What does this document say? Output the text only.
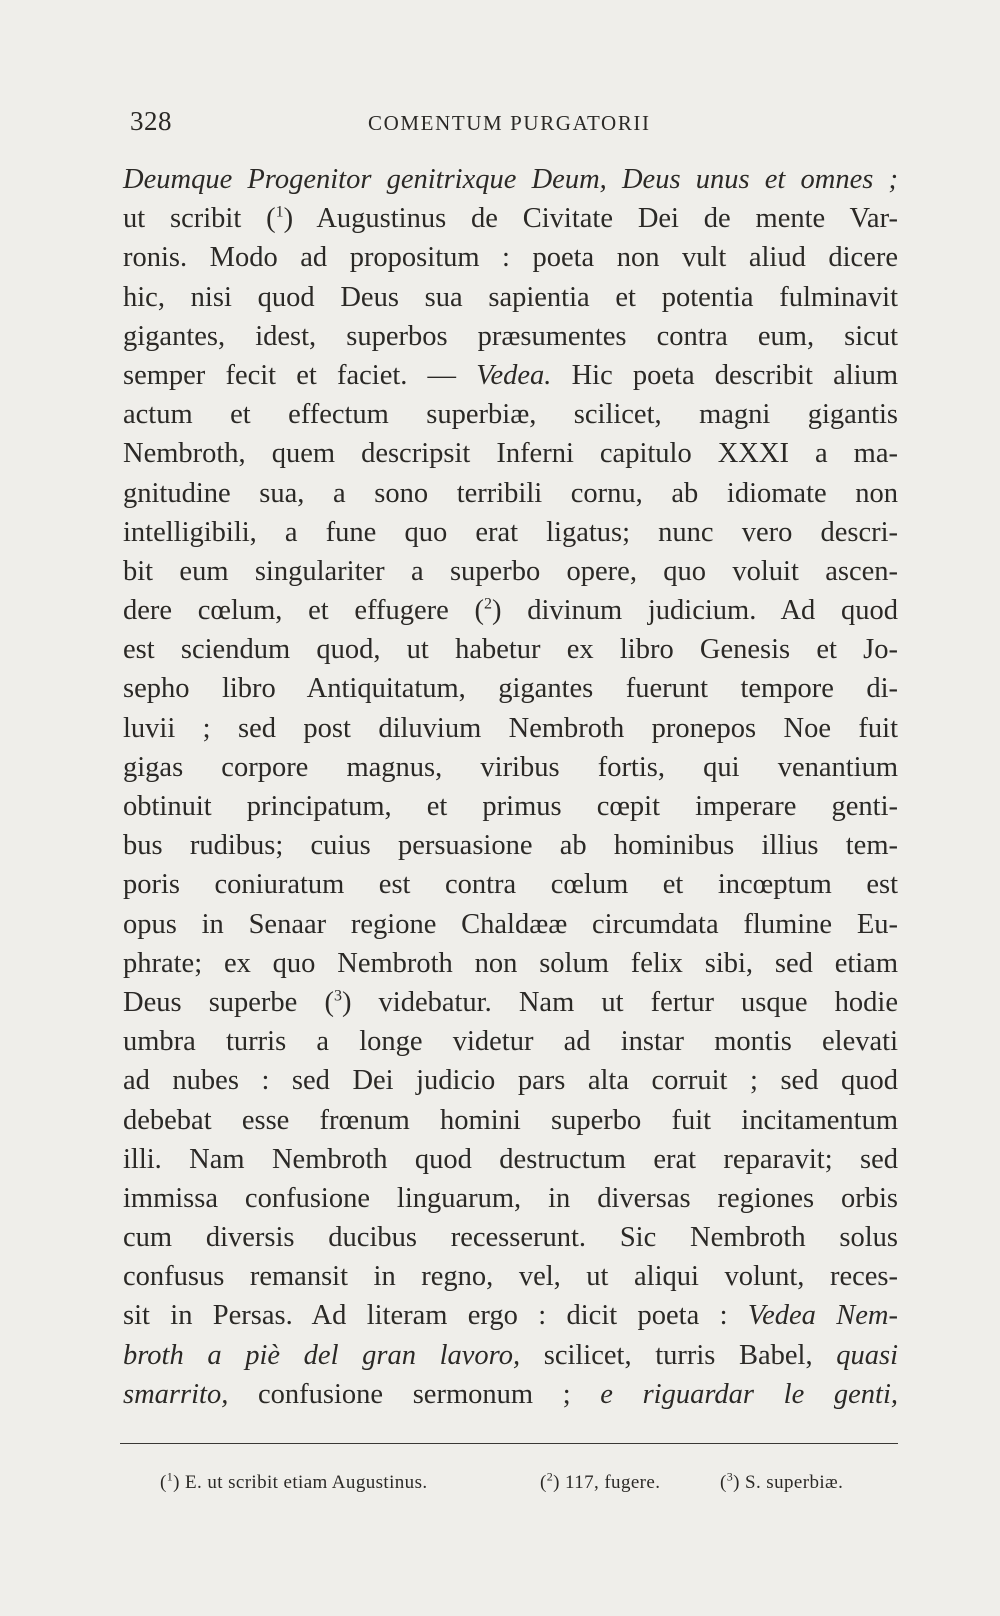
328	COMENTUM PURGATORII
Deumque Progenitor genitrixque Deum, Deus unus et omnes ;
ut scribit ($^1$) Augustinus de Civitate Dei de mente Var-
ronis. Modo ad propositum : poeta non vult aliud dicere
hic, nisi quod Deus sua sapientia et potentia fulminavit
gigantes, idest, superbos præsumentes contra eum, sicut
semper fecit et faciet. — Vedea. Hic poeta describit alium
actum et effectum superbiæ, scilicet, magni gigantis
Nembroth, quem descripsit Inferni capitulo XXXI a ma-
gnitudine sua, a sono terribili cornu, ab idiomate non
intelligibili, a fune quo erat ligatus; nunc vero descri-
bit eum singulariter a superbo opere, quo voluit ascen-
dere cœlum, et effugere ($^2$) divinum judicium. Ad quod
est sciendum quod, ut habetur ex libro Genesis et Jo-
sepho libro Antiquitatum, gigantes fuerunt tempore di-
luvii ; sed post diluvium Nembroth pronepos Noe fuit
gigas corpore magnus, viribus fortis, qui venantium
obtinuit principatum, et primus cœpit imperare genti-
bus rudibus; cuius persuasione ab hominibus illius tem-
poris coniuratum est contra cœlum et incœptum est
opus in Senaar regione Chaldææ circumdata flumine Eu-
phrate; ex quo Nembroth non solum felix sibi, sed etiam
Deus superbe ($^3$) videbatur. Nam ut fertur usque hodie
umbra turris a longe videtur ad instar montis elevati
ad nubes : sed Dei judicio pars alta corruit ; sed quod
debebat esse frœnum homini superbo fuit incitamentum
illi. Nam Nembroth quod destructum erat reparavit; sed
immissa confusione linguarum, in diversas regiones orbis
cum diversis ducibus recesserunt. Sic Nembroth solus
confusus remansit in regno, vel, ut aliqui volunt, reces-
sit in Persas. Ad literam ergo : dicit poeta : Vedea Nem-
broth a piè del gran lavoro, scilicet, turris Babel, quasi
smarrito, confusione sermonum ; e riguardar le genti,
($^1$) E. ut scribit etiam Augustinus.	($^2$) 117, fugere.	($^3$) S. superbiæ.
